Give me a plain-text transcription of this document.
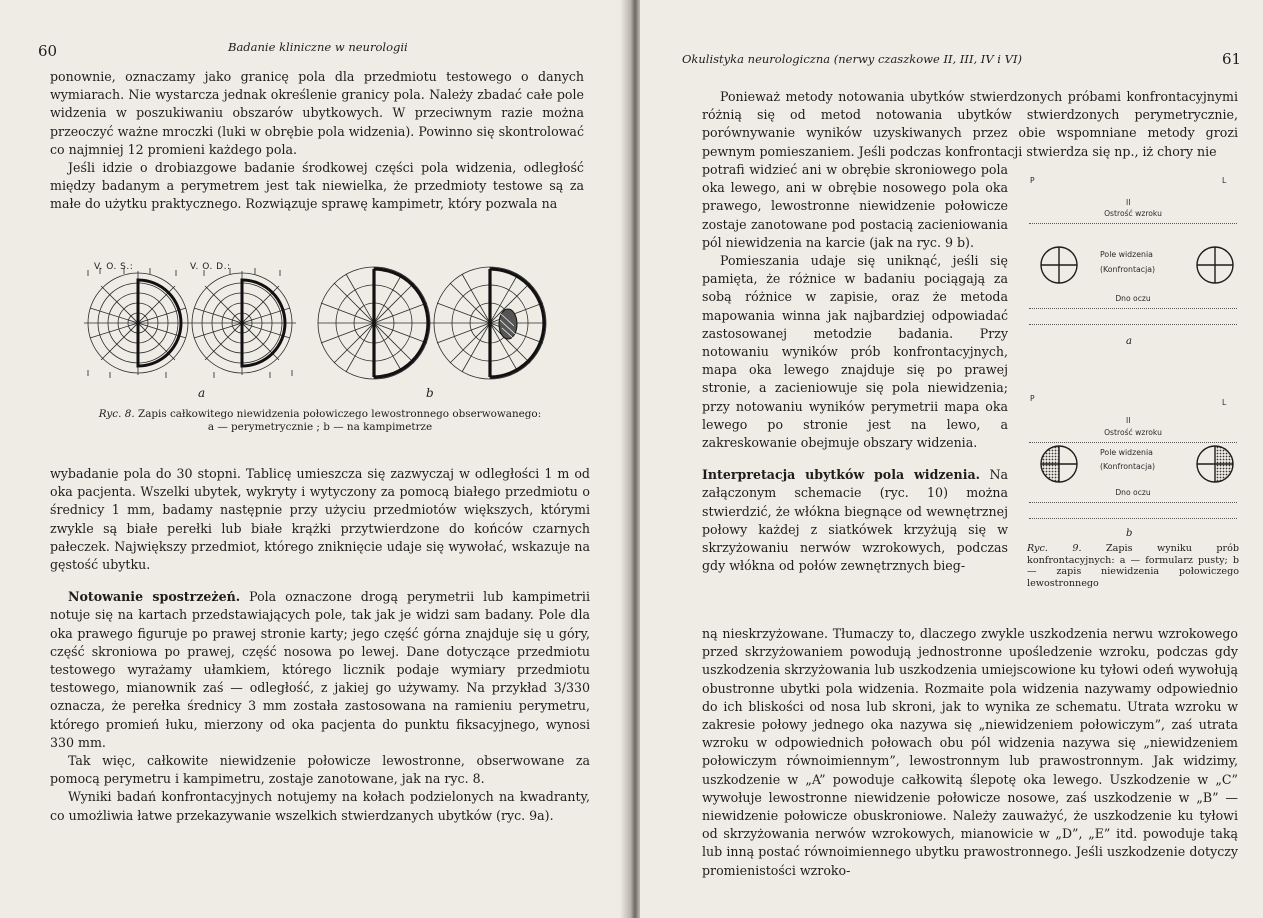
60	Badanie kliniczne w neurologii

ponownie, oznaczamy jako granicę pola dla przedmiotu testowego o danych wymiarach. Nie wystarcza jednak określenie granicy pola. Należy zbadać całe pole widzenia w poszukiwaniu obszarów ubytkowych. W przeciwnym razie można przeoczyć ważne mroczki (luki w obrębie pola widzenia). Powinno się skontrolować co najmniej 12 promieni każdego pola.

Jeśli idzie o drobiazgowe badanie środkowej części pola widzenia, odległość między badanym a perymetrem jest tak niewielka, że przedmioty testowe są za małe do użytku praktycznego. Rozwiązuje sprawę kampimetr, który pozwala na

V. O. S.:	V. O. D.:
a	b
Ryc. 8. Zapis całkowitego niewidzenia połowiczego lewostronnego obserwowanego:
a — perymetrycznie ; b — na kampimetrze

wybadanie pola do 30 stopni. Tablicę umieszcza się zazwyczaj w odległości 1 m od oka pacjenta. Wszelki ubytek, wykryty i wytyczony za pomocą białego przedmiotu o średnicy 1 mm, badamy następnie przy użyciu przedmiotów większych, którymi zwykle są białe perełki lub białe krążki przytwierdzone do końców czarnych pałeczek. Największy przedmiot, którego zniknięcie udaje się wywołać, wskazuje na gęstość ubytku.

Notowanie spostrzeżeń. Pola oznaczone drogą perymetrii lub kampimetrii notuje się na kartach przedstawiających pole, tak jak je widzi sam badany. Pole dla oka prawego figuruje po prawej stronie karty; jego część górna znajduje się u góry, część skroniowa po prawej, część nosowa po lewej. Dane dotyczące przedmiotu testowego wyrażamy ułamkiem, którego licznik podaje wymiary przedmiotu testowego, mianownik zaś — odległość, z jakiej go używamy. Na przykład 3/330 oznacza, że perełka średnicy 3 mm została zastosowana na ramieniu perymetru, którego promień łuku, mierzony od oka pacjenta do punktu fiksacyjnego, wynosi 330 mm.

Tak więc, całkowite niewidzenie połowicze lewostronne, obserwowane za pomocą perymetru i kampimetru, zostaje zanotowane, jak na ryc. 8.

Wyniki badań konfrontacyjnych notujemy na kołach podzielonych na kwadranty, co umożliwia łatwe przekazywanie wszelkich stwierdzanych ubytków (ryc. 9a).

Okulistyka neurologiczna (nerwy czaszkowe II, III, IV i VI)	61

Ponieważ metody notowania ubytków stwierdzonych próbami konfrontacyjnymi różnią się od metod notowania ubytków stwierdzonych perymetrycznie, porównywanie wyników uzyskiwanych przez obie wspomniane metody grozi pewnym pomieszaniem. Jeśli podczas konfrontacji stwierdza się np., iż chory nie

potrafi widzieć ani w obrębie skroniowego pola oka lewego, ani w obrębie nosowego pola oka prawego, lewostronne niewidzenie połowicze zostaje zanotowane pod postacią zacieniowania pól niewidzenia na karcie (jak na ryc. 9 b).

Pomieszania udaje się uniknąć, jeśli się pamięta, że różnice w badaniu pociągają za sobą różnice w zapisie, oraz że metoda mapowania winna jak najbardziej odpowiadać zastosowanej metodzie badania. Przy notowaniu wyników prób konfrontacyjnych, mapa oka lewego znajduje się po prawej stronie, a zacieniowuje się pola niewidzenia; przy notowaniu wyników perymetrii mapa oka lewego po stronie jest na lewo, a zakreskowanie obejmuje obszary widzenia.

Interpretacja ubytków pola widzenia. Na załączonym schemacie (ryc. 10) można stwierdzić, że włókna biegnące od wewnętrznej połowy każdej z siatkówek krzyżują się w skrzyżowaniu nerwów wzrokowych, podczas gdy włókna od połów zewnętrznych bieg-

ną nieskrzyżowane. Tłumaczy to, dlaczego zwykle uszkodzenia nerwu wzrokowego przed skrzyżowaniem powodują jednostronne upośledzenie wzroku, podczas gdy uszkodzenia skrzyżowania lub uszkodzenia umiejscowione ku tyłowi odeń wywołują obustronne ubytki pola widzenia. Rozmaite pola widzenia nazywamy odpowiednio do ich bliskości od nosa lub skroni, jak to wynika ze schematu. Utrata wzroku w zakresie połowy jednego oka nazywa się „niewidzeniem połowiczym”, zaś utrata wzroku w odpowiednich połowach obu pól widzenia nazywa się „niewidzeniem połowiczym równoimiennym”, lewostronnym lub prawostronnym. Jak widzimy, uszkodzenie w „A” powoduje całkowitą ślepotę oka lewego. Uszkodzenie w „C” wywołuje lewostronne niewidzenie połowicze nosowe, zaś uszkodzenie w „B” — niewidzenie połowicze obuskroniowe. Należy zauważyć, że uszkodzenie ku tyłowi od skrzyżowania nerwów wzrokowych, mianowicie w „D”, „E” itd. powoduje taką lub inną postać równoimiennego ubytku prawostronnego. Jeśli uszkodzenie dotyczy promienistości wzroko-

P	L
II
Ostrość wzroku
Pole widzenia
(Konfrontacja)
Dno oczu
a
P	L
II
Ostrość wzroku
Pole widzenia
(Konfrontacja)
Dno oczu
b
Ryc. 9.	Zapis wyniku prób konfrontacyjnych: a — formularz pusty; b — zapis niewidzenia połowiczego lewostronnego
